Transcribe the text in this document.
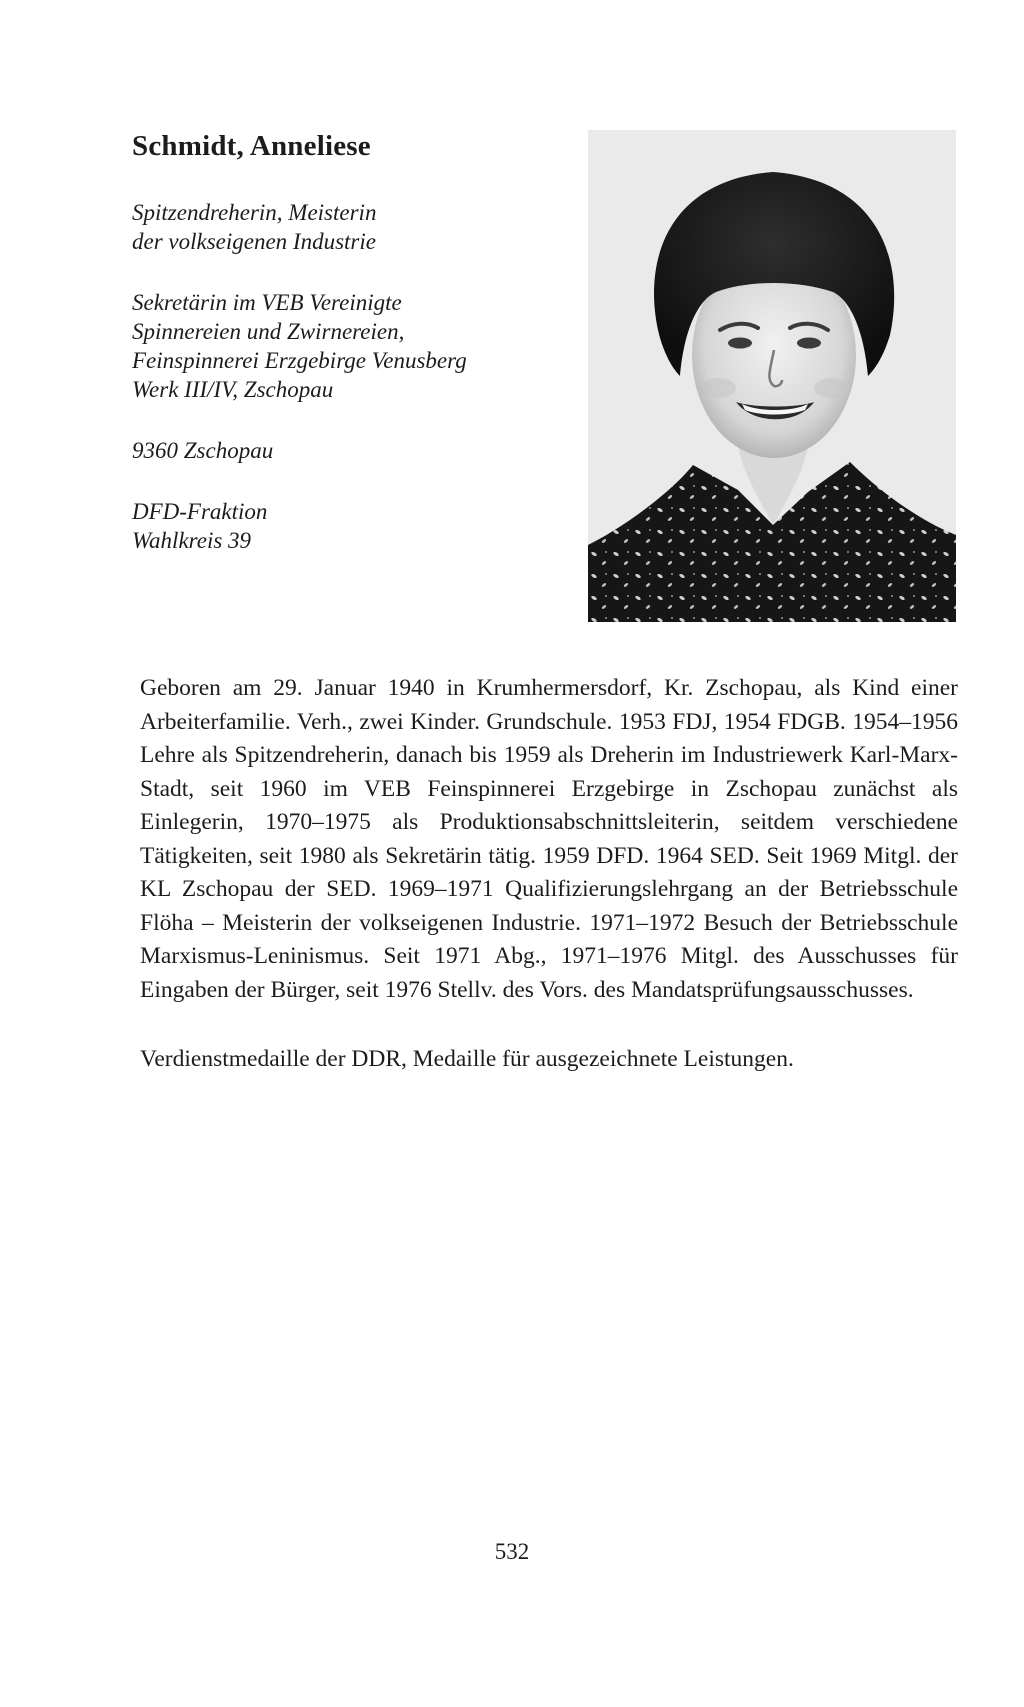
Schmidt, Anneliese
Spitzendreherin, Meisterin
der volkseigenen Industrie
Sekretärin im VEB Vereinigte
Spinnereien und Zwirnereien,
Feinspinnerei Erzgebirge Venusberg
Werk III/IV, Zschopau
9360 Zschopau
DFD-Fraktion
Wahlkreis 39

Geboren am 29. Januar 1940 in Krumhermersdorf, Kr. Zschopau, als Kind einer Arbeiterfamilie. Verh., zwei Kinder. Grundschule. 1953 FDJ, 1954 FDGB. 1954–1956 Lehre als Spitzendreherin, danach bis 1959 als Dreherin im Industriewerk Karl-Marx-Stadt, seit 1960 im VEB Feinspinnerei Erzgebirge in Zschopau zunächst als Einlegerin, 1970–1975 als Produktionsabschnittsleiterin, seitdem verschiedene Tätigkeiten, seit 1980 als Sekretärin tätig. 1959 DFD. 1964 SED. Seit 1969 Mitgl. der KL Zschopau der SED. 1969–1971 Qualifizierungslehrgang an der Betriebsschule Flöha – Meisterin der volkseigenen Industrie. 1971–1972 Besuch der Betriebsschule Marxismus-Leninismus. Seit 1971 Abg., 1971–1976 Mitgl. des Ausschusses für Eingaben der Bürger, seit 1976 Stellv. des Vors. des Mandatsprüfungsausschusses.

Verdienstmedaille der DDR, Medaille für ausgezeichnete Leistungen.
532
